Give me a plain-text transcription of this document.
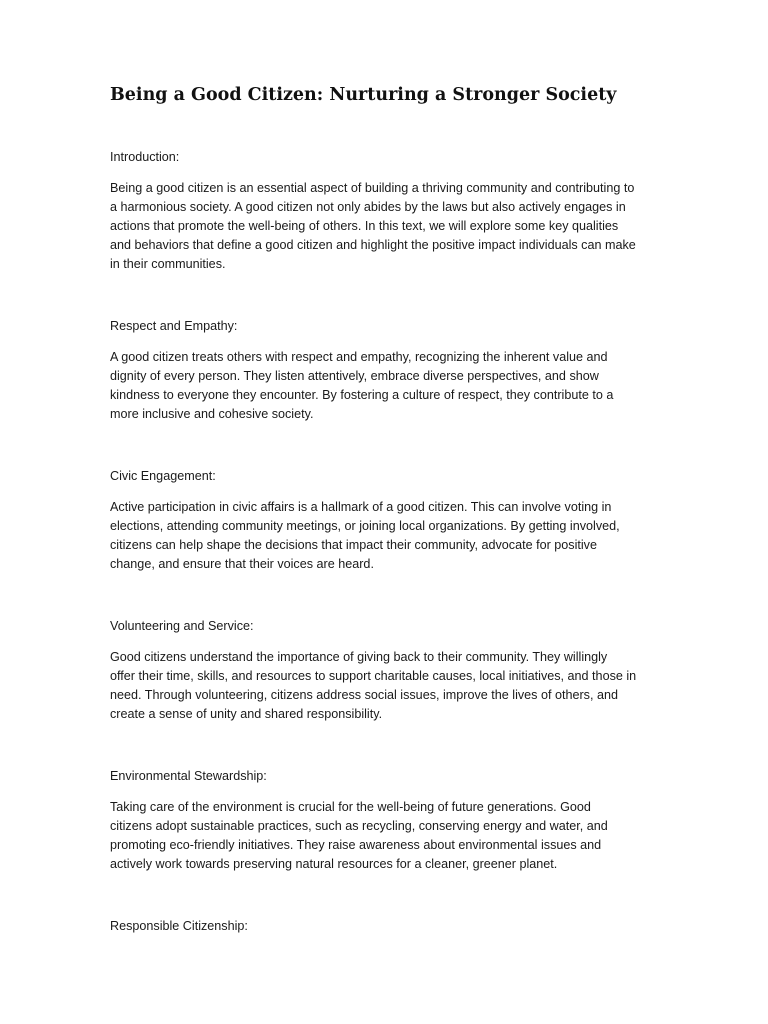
Being a Good Citizen: Nurturing a Stronger Society

Introduction:

Being a good citizen is an essential aspect of building a thriving community and contributing to
a harmonious society. A good citizen not only abides by the laws but also actively engages in
actions that promote the well-being of others. In this text, we will explore some key qualities
and behaviors that define a good citizen and highlight the positive impact individuals can make
in their communities.

Respect and Empathy:

A good citizen treats others with respect and empathy, recognizing the inherent value and
dignity of every person. They listen attentively, embrace diverse perspectives, and show
kindness to everyone they encounter. By fostering a culture of respect, they contribute to a
more inclusive and cohesive society.

Civic Engagement:

Active participation in civic affairs is a hallmark of a good citizen. This can involve voting in
elections, attending community meetings, or joining local organizations. By getting involved,
citizens can help shape the decisions that impact their community, advocate for positive
change, and ensure that their voices are heard.

Volunteering and Service:

Good citizens understand the importance of giving back to their community. They willingly
offer their time, skills, and resources to support charitable causes, local initiatives, and those in
need. Through volunteering, citizens address social issues, improve the lives of others, and
create a sense of unity and shared responsibility.

Environmental Stewardship:

Taking care of the environment is crucial for the well-being of future generations. Good
citizens adopt sustainable practices, such as recycling, conserving energy and water, and
promoting eco-friendly initiatives. They raise awareness about environmental issues and
actively work towards preserving natural resources for a cleaner, greener planet.

Responsible Citizenship:
